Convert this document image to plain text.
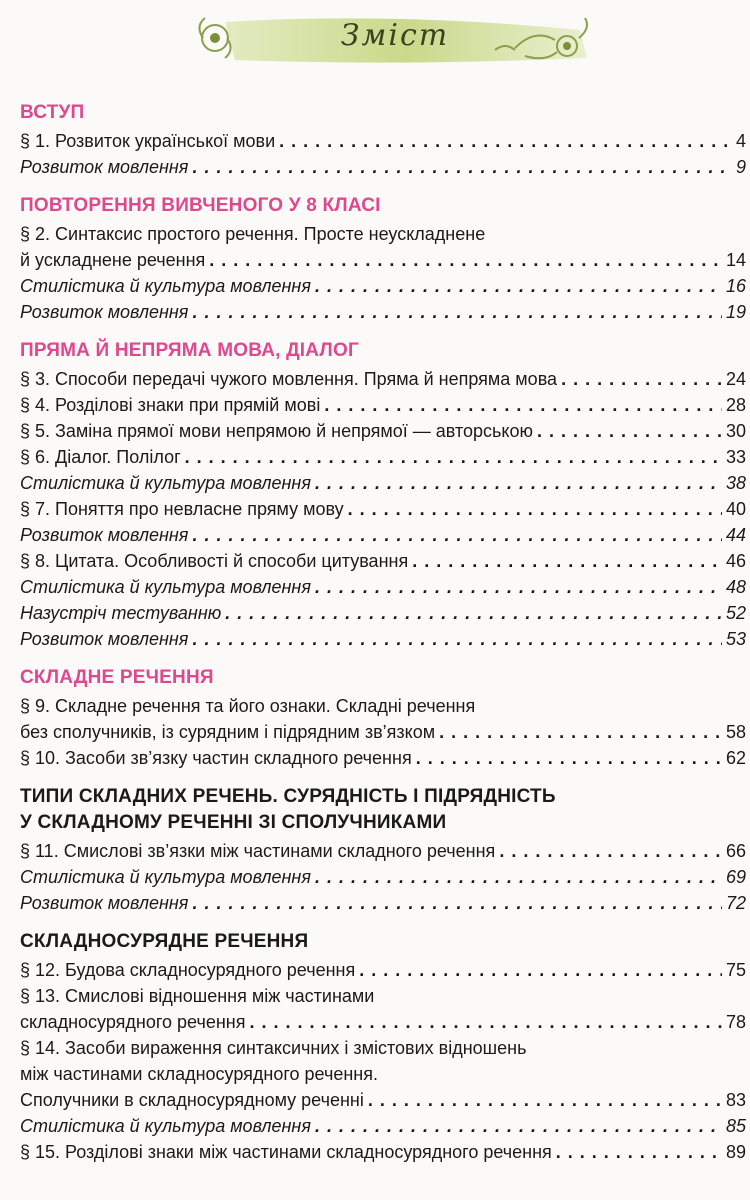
Зміст
ВСТУП
§ 1. Розвиток української мови . . .	4
Розвиток мовлення . . .	9
ПОВТОРЕННЯ ВИВЧЕНОГО У 8 КЛАСІ
§ 2. Синтаксис простого речення. Просте неускладнене
й ускладнене речення . . .	14
Стилістика й культура мовлення . . .	16
Розвиток мовлення . . .	19
ПРЯМА Й НЕПРЯМА МОВА, ДІАЛОГ
§ 3. Способи передачі чужого мовлення. Пряма й непряма мова . . .	24
§ 4. Розділові знаки при прямій мові . . .	28
§ 5. Заміна прямої мови непрямою й непрямої — авторською . . .	30
§ 6. Діалог. Полілог . . .	33
Стилістика й культура мовлення . . .	38
§ 7. Поняття про невласне пряму мову . . .	40
Розвиток мовлення . . .	44
§ 8. Цитата. Особливості й способи цитування . . .	46
Стилістика й культура мовлення . . .	48
Назустріч тестуванню . . .	52
Розвиток мовлення . . .	53
СКЛАДНЕ РЕЧЕННЯ
§ 9. Складне речення та його ознаки. Складні речення
без сполучників, із сурядним і підрядним зв’язком . . .	58
§ 10. Засоби зв’язку частин складного речення . . .	62
ТИПИ СКЛАДНИХ РЕЧЕНЬ. СУРЯДНІСТЬ І ПІДРЯДНІСТЬ
У СКЛАДНОМУ РЕЧЕННІ ЗІ СПОЛУЧНИКАМИ
§ 11. Смислові зв’язки між частинами складного речення . . .	66
Стилістика й культура мовлення . . .	69
Розвиток мовлення . . .	72
СКЛАДНОСУРЯДНЕ РЕЧЕННЯ
§ 12. Будова складносурядного речення . . .	75
§ 13. Смислові відношення між частинами
складносурядного речення . . .	78
§ 14. Засоби вираження синтаксичних і змістових відношень
між частинами складносурядного речення.
Сполучники в складносурядному реченні . . .	83
Стилістика й культура мовлення . . .	85
§ 15. Розділові знаки між частинами складносурядного речення . . .	89
